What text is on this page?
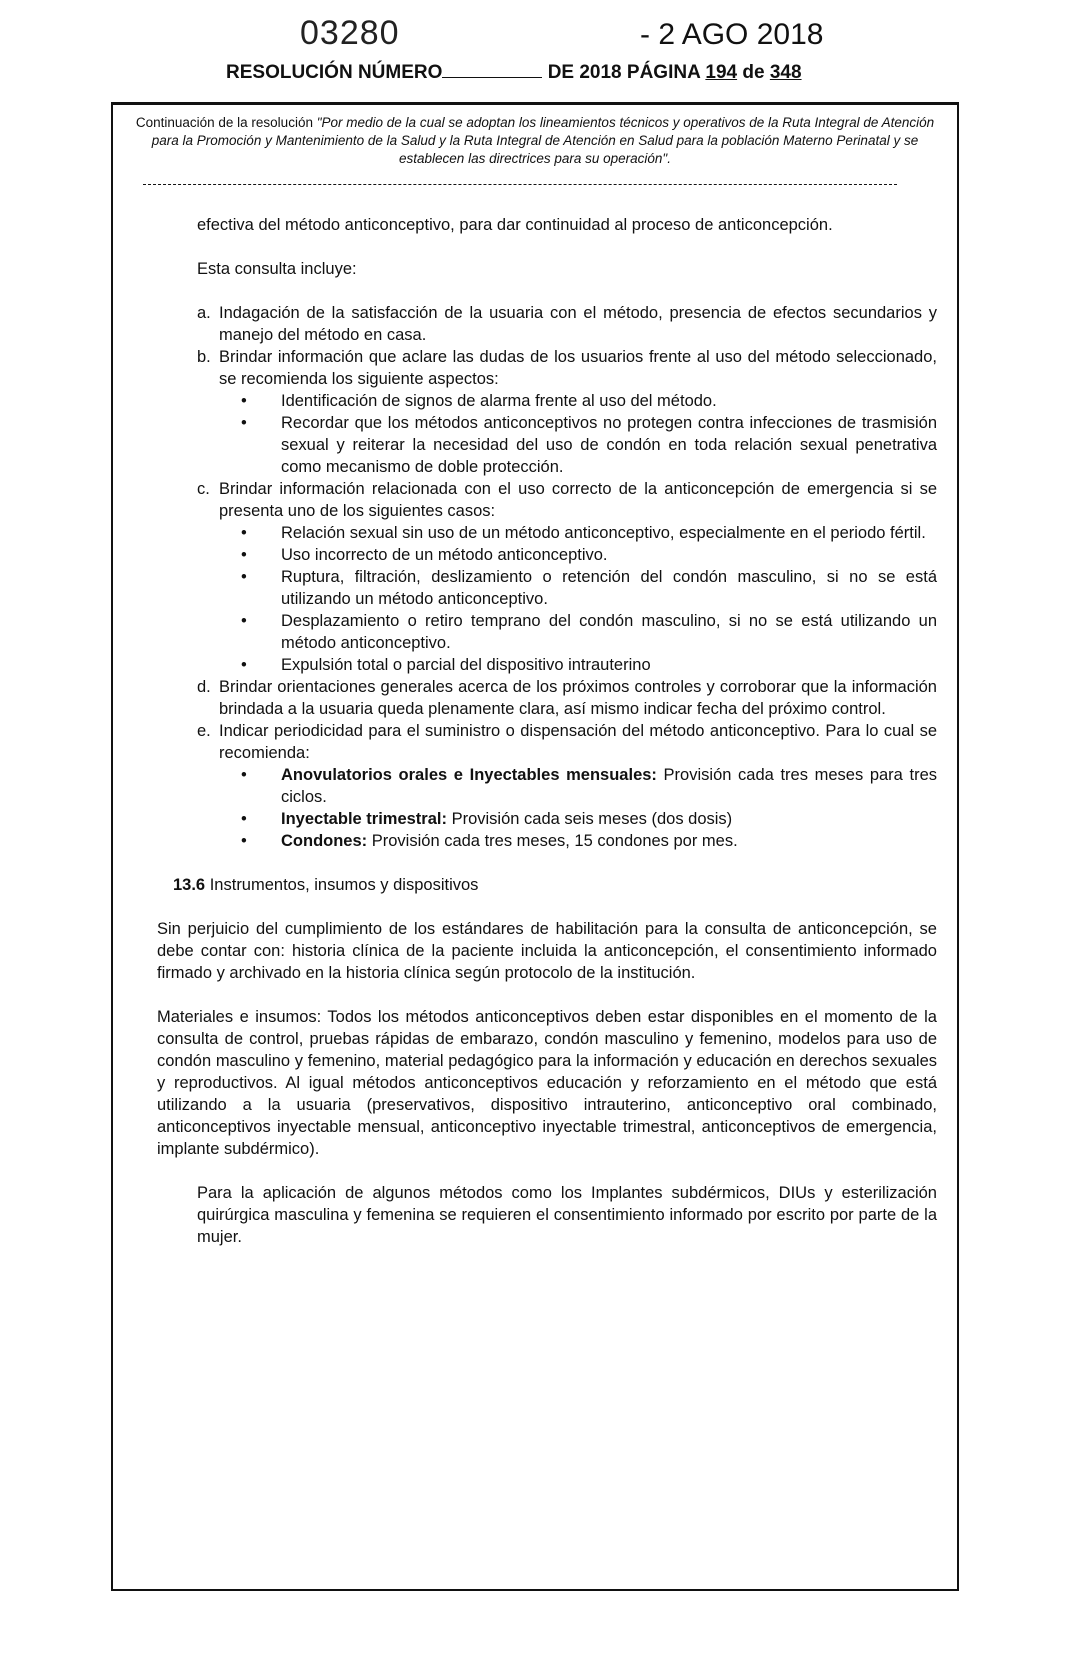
03280	- 2 AGO 2018
RESOLUCIÓN NÚMERO	DE 2018 PÁGINA 194 de 348
Continuación de la resolución "Por medio de la cual se adoptan los lineamientos técnicos y operativos de la Ruta Integral de Atención para la Promoción y Mantenimiento de la Salud y la Ruta Integral de Atención en Salud para la población Materno Perinatal y se establecen las directrices para su operación".

efectiva del método anticonceptivo, para dar continuidad al proceso de anticoncepción.

Esta consulta incluye:

a. Indagación de la satisfacción de la usuaria con el método, presencia de efectos secundarios y manejo del método en casa.

b. Brindar información que aclare las dudas de los usuarios frente al uso del método seleccionado, se recomienda los siguiente aspectos:

•	Identificación de signos de alarma frente al uso del método.

•	Recordar que los métodos anticonceptivos no protegen contra infecciones de trasmisión sexual y reiterar la necesidad del uso de condón en toda relación sexual penetrativa como mecanismo de doble protección.

c. Brindar información relacionada con el uso correcto de la anticoncepción de emergencia si se presenta uno de los siguientes casos:

•	Relación sexual sin uso de un método anticonceptivo, especialmente en el periodo fértil.

•	Uso incorrecto de un método anticonceptivo.

•	Ruptura, filtración, deslizamiento o retención del condón masculino, si no se está utilizando un método anticonceptivo.

•	Desplazamiento o retiro temprano del condón masculino, si no se está utilizando un método anticonceptivo.

•	Expulsión total o parcial del dispositivo intrauterino

d. Brindar orientaciones generales acerca de los próximos controles y corroborar que la información brindada a la usuaria queda plenamente clara, así mismo indicar fecha del próximo control.

e. Indicar periodicidad para el suministro o dispensación del método anticonceptivo. Para lo cual se recomienda:

•	Anovulatorios orales e Inyectables mensuales: Provisión cada tres meses para tres ciclos.

•	Inyectable trimestral: Provisión cada seis meses (dos dosis)

•	Condones: Provisión cada tres meses, 15 condones por mes.

13.6 Instrumentos, insumos y dispositivos

Sin perjuicio del cumplimiento de los estándares de habilitación para la consulta de anticoncepción, se debe contar con: historia clínica de la paciente incluida la anticoncepción, el consentimiento informado firmado y archivado en la historia clínica según protocolo de la institución.

Materiales e insumos: Todos los métodos anticonceptivos deben estar disponibles en el momento de la consulta de control, pruebas rápidas de embarazo, condón masculino y femenino, modelos para uso de condón masculino y femenino, material pedagógico para la información y educación en derechos sexuales y reproductivos. Al igual métodos anticonceptivos educación y reforzamiento en el método que está utilizando a la usuaria (preservativos, dispositivo intrauterino, anticonceptivo oral combinado, anticonceptivos inyectable mensual, anticonceptivo inyectable trimestral, anticonceptivos de emergencia, implante subdérmico).

Para la aplicación de algunos métodos como los Implantes subdérmicos, DIUs y esterilización quirúrgica masculina y femenina se requieren el consentimiento informado por escrito por parte de la mujer.
